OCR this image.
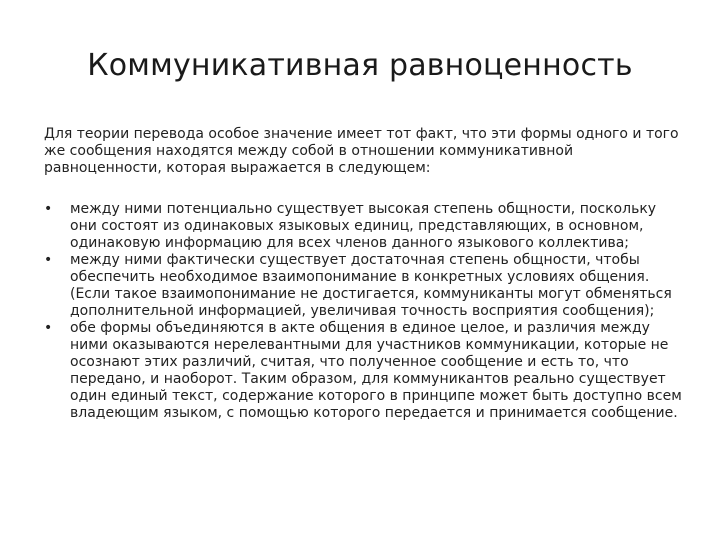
Коммуникативная равноценность

Для теории перевода особое значение имеет тот факт, что эти формы одного и того же сообщения находятся между собой в отношении коммуникативной равноценности, которая выражается в следующем:

• между ними потенциально существует высокая степень общности, поскольку они состоят из одинаковых языковых единиц, представляющих, в основном, одинаковую информацию для всех членов данного языкового коллектива;
• между ними фактически существует достаточная степень общности, чтобы обеспечить необходимое взаимопонимание в конкретных условиях общения. (Если такое взаимопонимание не достигается, коммуниканты могут обменяться дополнительной информацией, увеличивая точность восприятия сообщения);
• обе формы объединяются в акте общения в единое целое, и различия между ними оказываются нерелевантными для участников коммуникации, которые не осознают этих различий, считая, что полученное сообщение и есть то, что передано, и наоборот. Таким образом, для коммуникантов реально существует один единый текст, содержание которого в принципе может быть доступно всем владеющим языком, с помощью которого передается и принимается сообщение.
